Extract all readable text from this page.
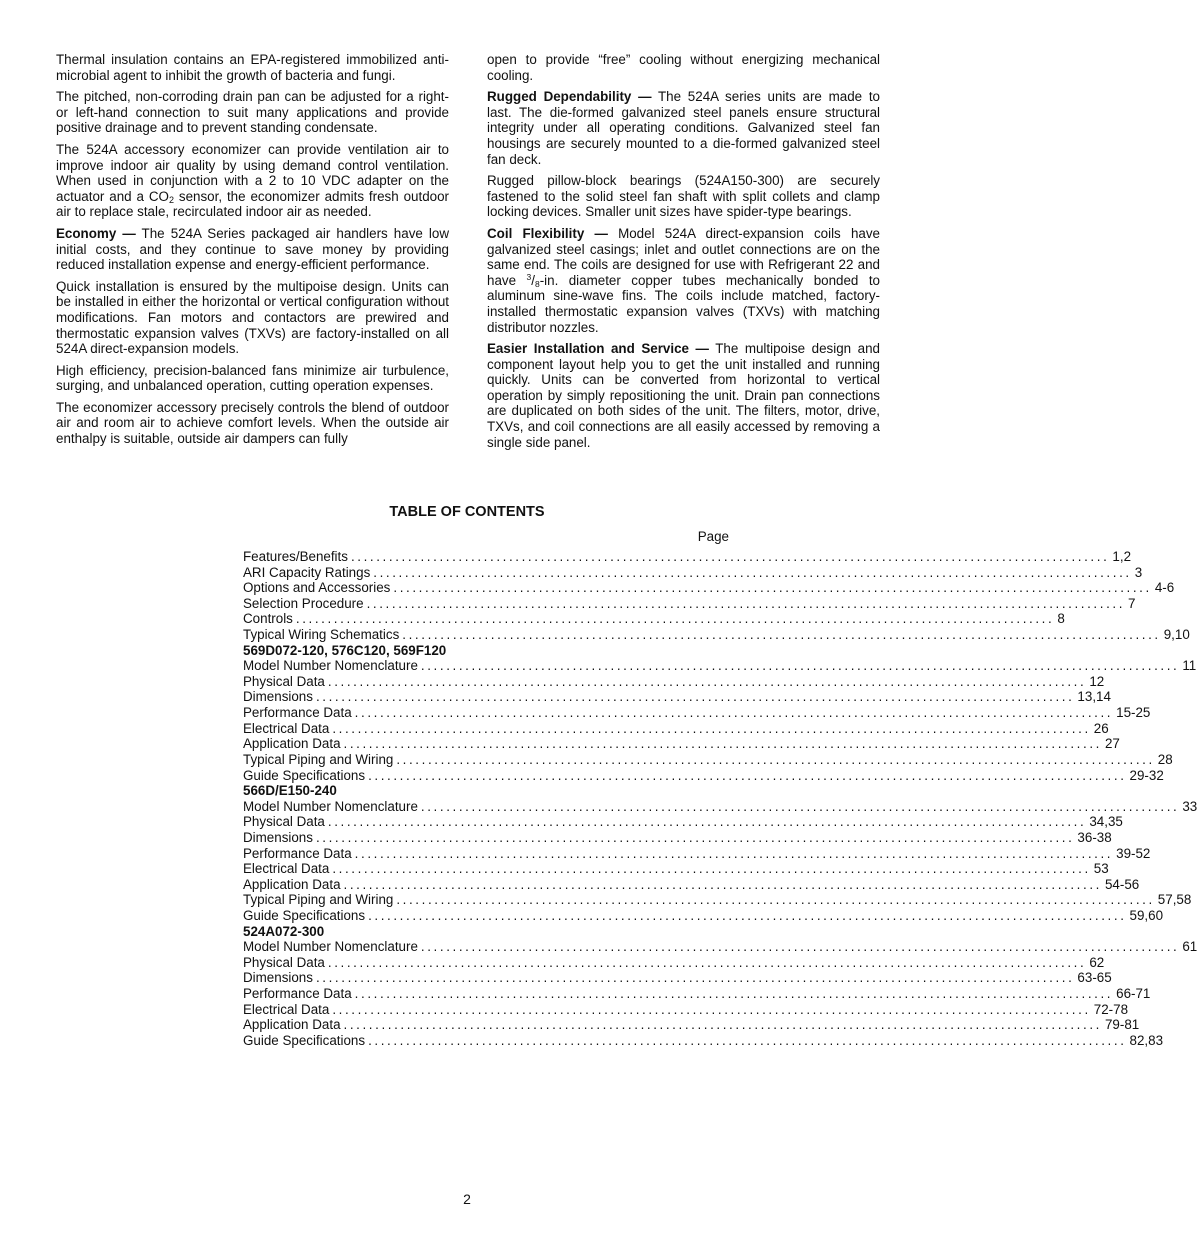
Thermal insulation contains an EPA-registered immobilized anti-microbial agent to inhibit the growth of bacteria and fungi.

The pitched, non-corroding drain pan can be adjusted for a right- or left-hand connection to suit many applications and provide positive drainage and to prevent standing condensate.

The 524A accessory economizer can provide ventilation air to improve indoor air quality by using demand control ventilation. When used in conjunction with a 2 to 10 VDC adapter on the actuator and a $CO_2$ sensor, the economizer admits fresh outdoor air to replace stale, recirculated indoor air as needed.

Economy — The 524A Series packaged air handlers have low initial costs, and they continue to save money by providing reduced installation expense and energy-efficient performance.

Quick installation is ensured by the multipoise design. Units can be installed in either the horizontal or vertical configuration without modifications. Fan motors and contactors are prewired and thermostatic expansion valves (TXVs) are factory-installed on all 524A direct-expansion models.

High efficiency, precision-balanced fans minimize air turbulence, surging, and unbalanced operation, cutting operation expenses.

The economizer accessory precisely controls the blend of outdoor air and room air to achieve comfort levels. When the outside air enthalpy is suitable, outside air dampers can fully

open to provide “free” cooling without energizing mechanical cooling.

Rugged Dependability — The 524A series units are made to last. The die-formed galvanized steel panels ensure structural integrity under all operating conditions. Galvanized steel fan housings are securely mounted to a die-formed galvanized steel fan deck.

Rugged pillow-block bearings (524A150-300) are securely fastened to the solid steel fan shaft with split collets and clamp locking devices. Smaller unit sizes have spider-type bearings.

Coil Flexibility — Model 524A direct-expansion coils have galvanized steel casings; inlet and outlet connections are on the same end. The coils are designed for use with Refrigerant 22 and have $^3/_8-in$. diameter copper tubes mechanically bonded to aluminum sine-wave fins. The coils include matched, factory-installed thermostatic expansion valves (TXVs) with matching distributor nozzles.

Easier Installation and Service — The multipoise design and component layout help you to get the unit installed and running quickly. Units can be converted from horizontal to vertical operation by simply repositioning the unit. Drain pan connections are duplicated on both sides of the unit. The filters, motor, drive, TXVs, and coil connections are all easily accessed by removing a single side panel.

TABLE OF CONTENTS
Page
Features/Benefits ........................................................................................................................ 1,2
ARI Capacity Ratings ........................................................................................................................ 3
Options and Accessories ........................................................................................................................ 4-6
Selection Procedure ........................................................................................................................ 7
Controls ........................................................................................................................ 8
Typical Wiring Schematics ........................................................................................................................ 9,10
569D072-120, 576C120, 569F120
Model Number Nomenclature ........................................................................................................................ 11
Physical Data ........................................................................................................................ 12
Dimensions ........................................................................................................................ 13,14
Performance Data ........................................................................................................................ 15-25
Electrical Data ........................................................................................................................ 26
Application Data ........................................................................................................................ 27
Typical Piping and Wiring ........................................................................................................................ 28
Guide Specifications ........................................................................................................................ 29-32
566D/E150-240
Model Number Nomenclature ........................................................................................................................ 33
Physical Data ........................................................................................................................ 34,35
Dimensions ........................................................................................................................ 36-38
Performance Data ........................................................................................................................ 39-52
Electrical Data ........................................................................................................................ 53
Application Data ........................................................................................................................ 54-56
Typical Piping and Wiring ........................................................................................................................ 57,58
Guide Specifications ........................................................................................................................ 59,60
524A072-300
Model Number Nomenclature ........................................................................................................................ 61
Physical Data ........................................................................................................................ 62
Dimensions ........................................................................................................................ 63-65
Performance Data ........................................................................................................................ 66-71
Electrical Data ........................................................................................................................ 72-78
Application Data ........................................................................................................................ 79-81
Guide Specifications ........................................................................................................................ 82,83
2
